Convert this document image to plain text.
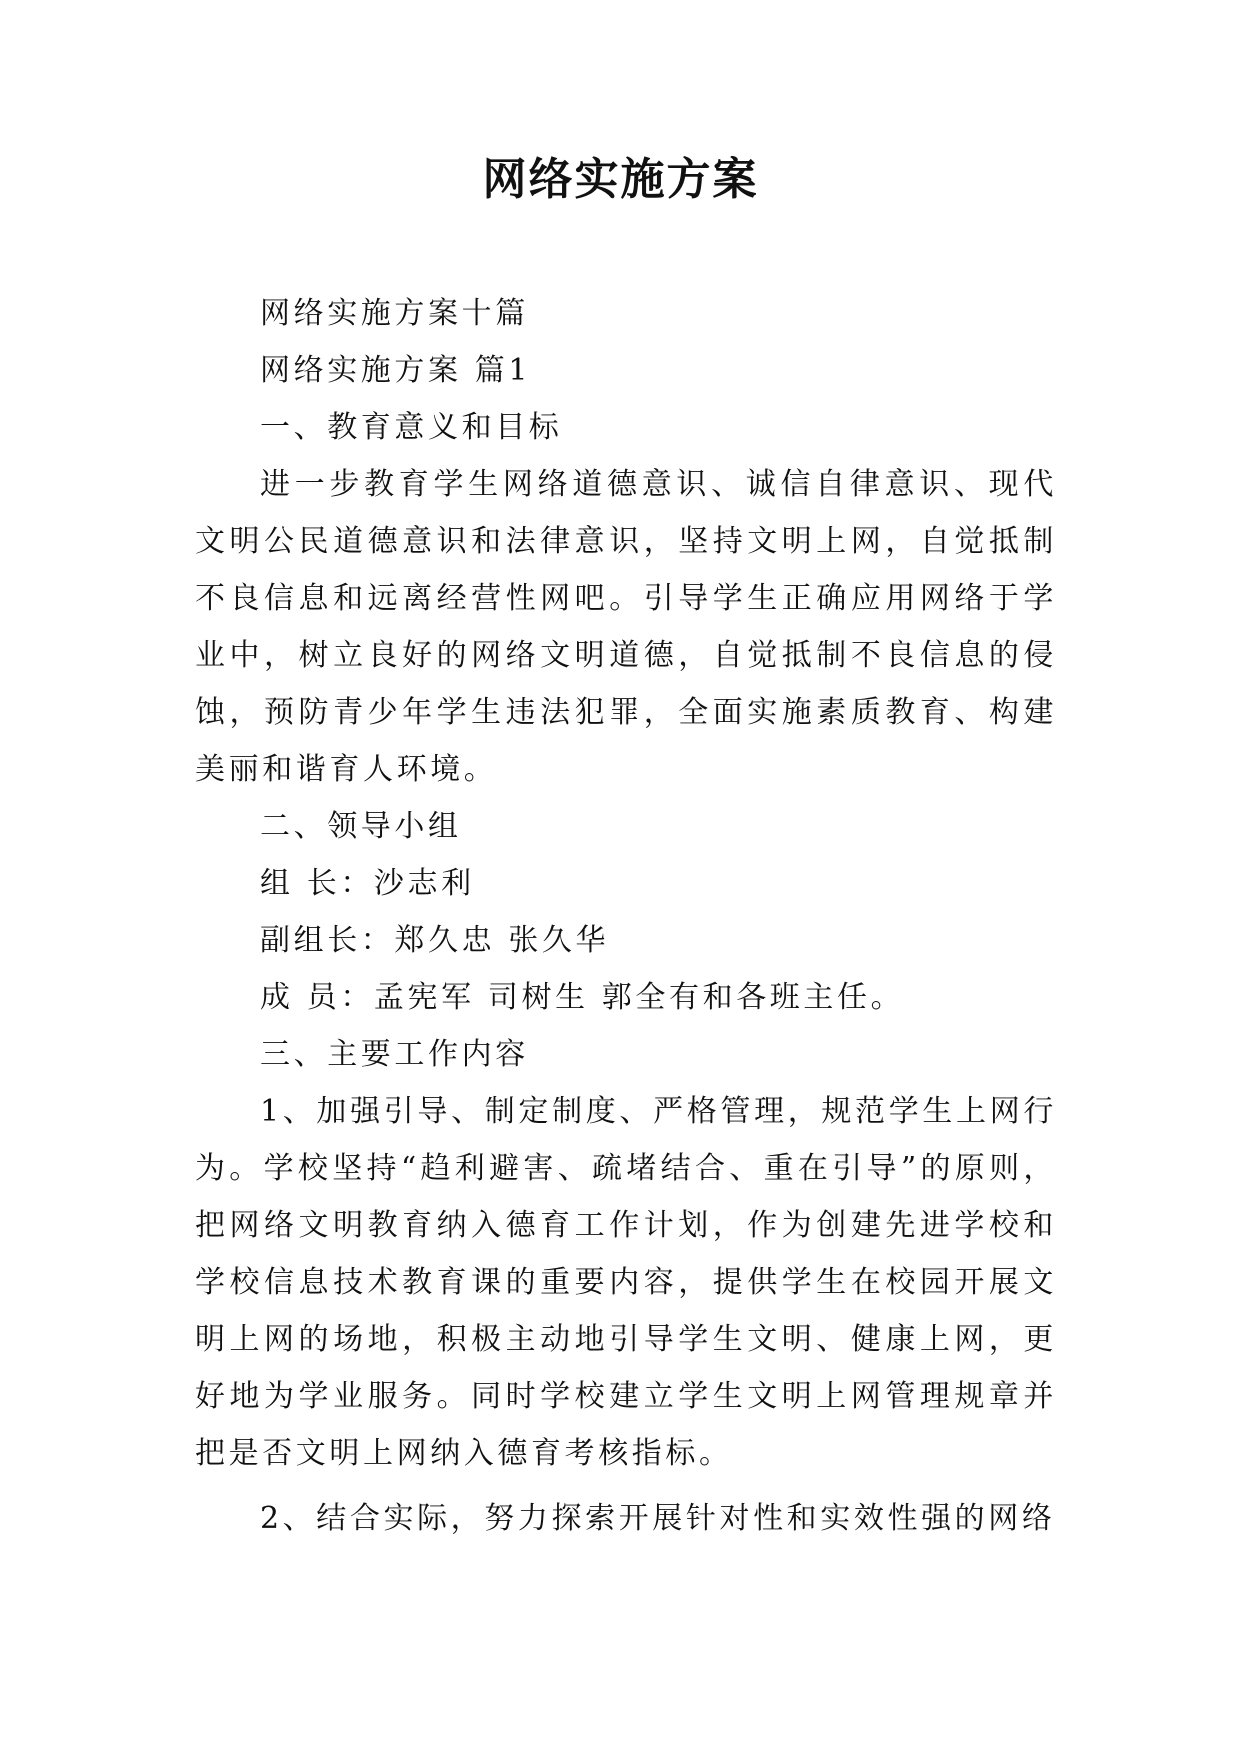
网络实施方案

网络实施方案十篇

网络实施方案 篇1

一、教育意义和目标

进一步教育学生网络道德意识、诚信自律意识、现代文明公民道德意识和法律意识，坚持文明上网，自觉抵制不良信息和远离经营性网吧。引导学生正确应用网络于学业中，树立良好的网络文明道德，自觉抵制不良信息的侵蚀，预防青少年学生违法犯罪，全面实施素质教育、构建美丽和谐育人环境。

二、领导小组

组 长：沙志利

副组长：郑久忠 张久华

成 员：孟宪军 司树生 郭全有和各班主任。

三、主要工作内容

1、加强引导、制定制度、严格管理，规范学生上网行为。学校坚持“趋利避害、疏堵结合、重在引导”的原则，把网络文明教育纳入德育工作计划，作为创建先进学校和学校信息技术教育课的重要内容，提供学生在校园开展文明上网的场地，积极主动地引导学生文明、健康上网，更好地为学业服务。同时学校建立学生文明上网管理规章并把是否文明上网纳入德育考核指标。

2、结合实际，努力探索开展针对性和实效性强的网络
